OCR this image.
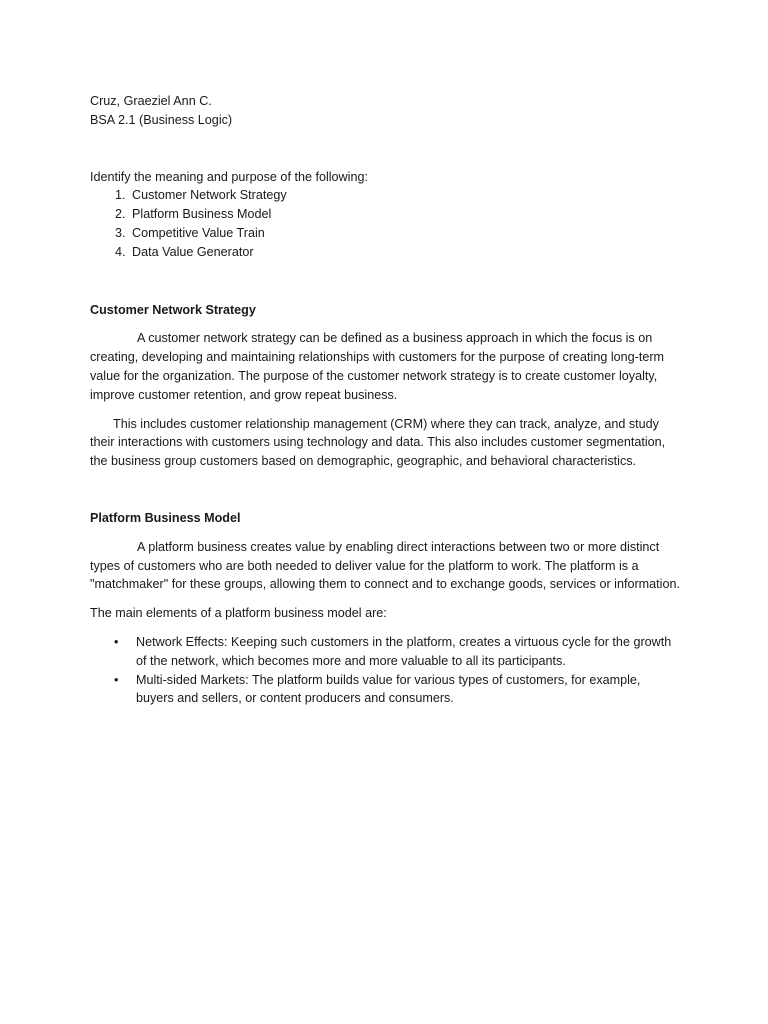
Cruz, Graeziel Ann C.

BSA 2.1 (Business Logic)

Identify the meaning and purpose of the following:

1. Customer Network Strategy
2. Platform Business Model
3. Competitive Value Train
4. Data Value Generator

Customer Network Strategy

A customer network strategy can be defined as a business approach in which the focus is on creating, developing and maintaining relationships with customers for the purpose of creating long-term value for the organization. The purpose of the customer network strategy is to create customer loyalty, improve customer retention, and grow repeat business.

This includes customer relationship management (CRM) where they can track, analyze, and study their interactions with customers using technology and data. This also includes customer segmentation, the business group customers based on demographic, geographic, and behavioral characteristics.

Platform Business Model

A platform business creates value by enabling direct interactions between two or more distinct types of customers who are both needed to deliver value for the platform to work. The platform is a "matchmaker" for these groups, allowing them to connect and to exchange goods, services or information.

The main elements of a platform business model are:

• Network Effects: Keeping such customers in the platform, creates a virtuous cycle for the growth of the network, which becomes more and more valuable to all its participants.
• Multi-sided Markets: The platform builds value for various types of customers, for example, buyers and sellers, or content producers and consumers.
